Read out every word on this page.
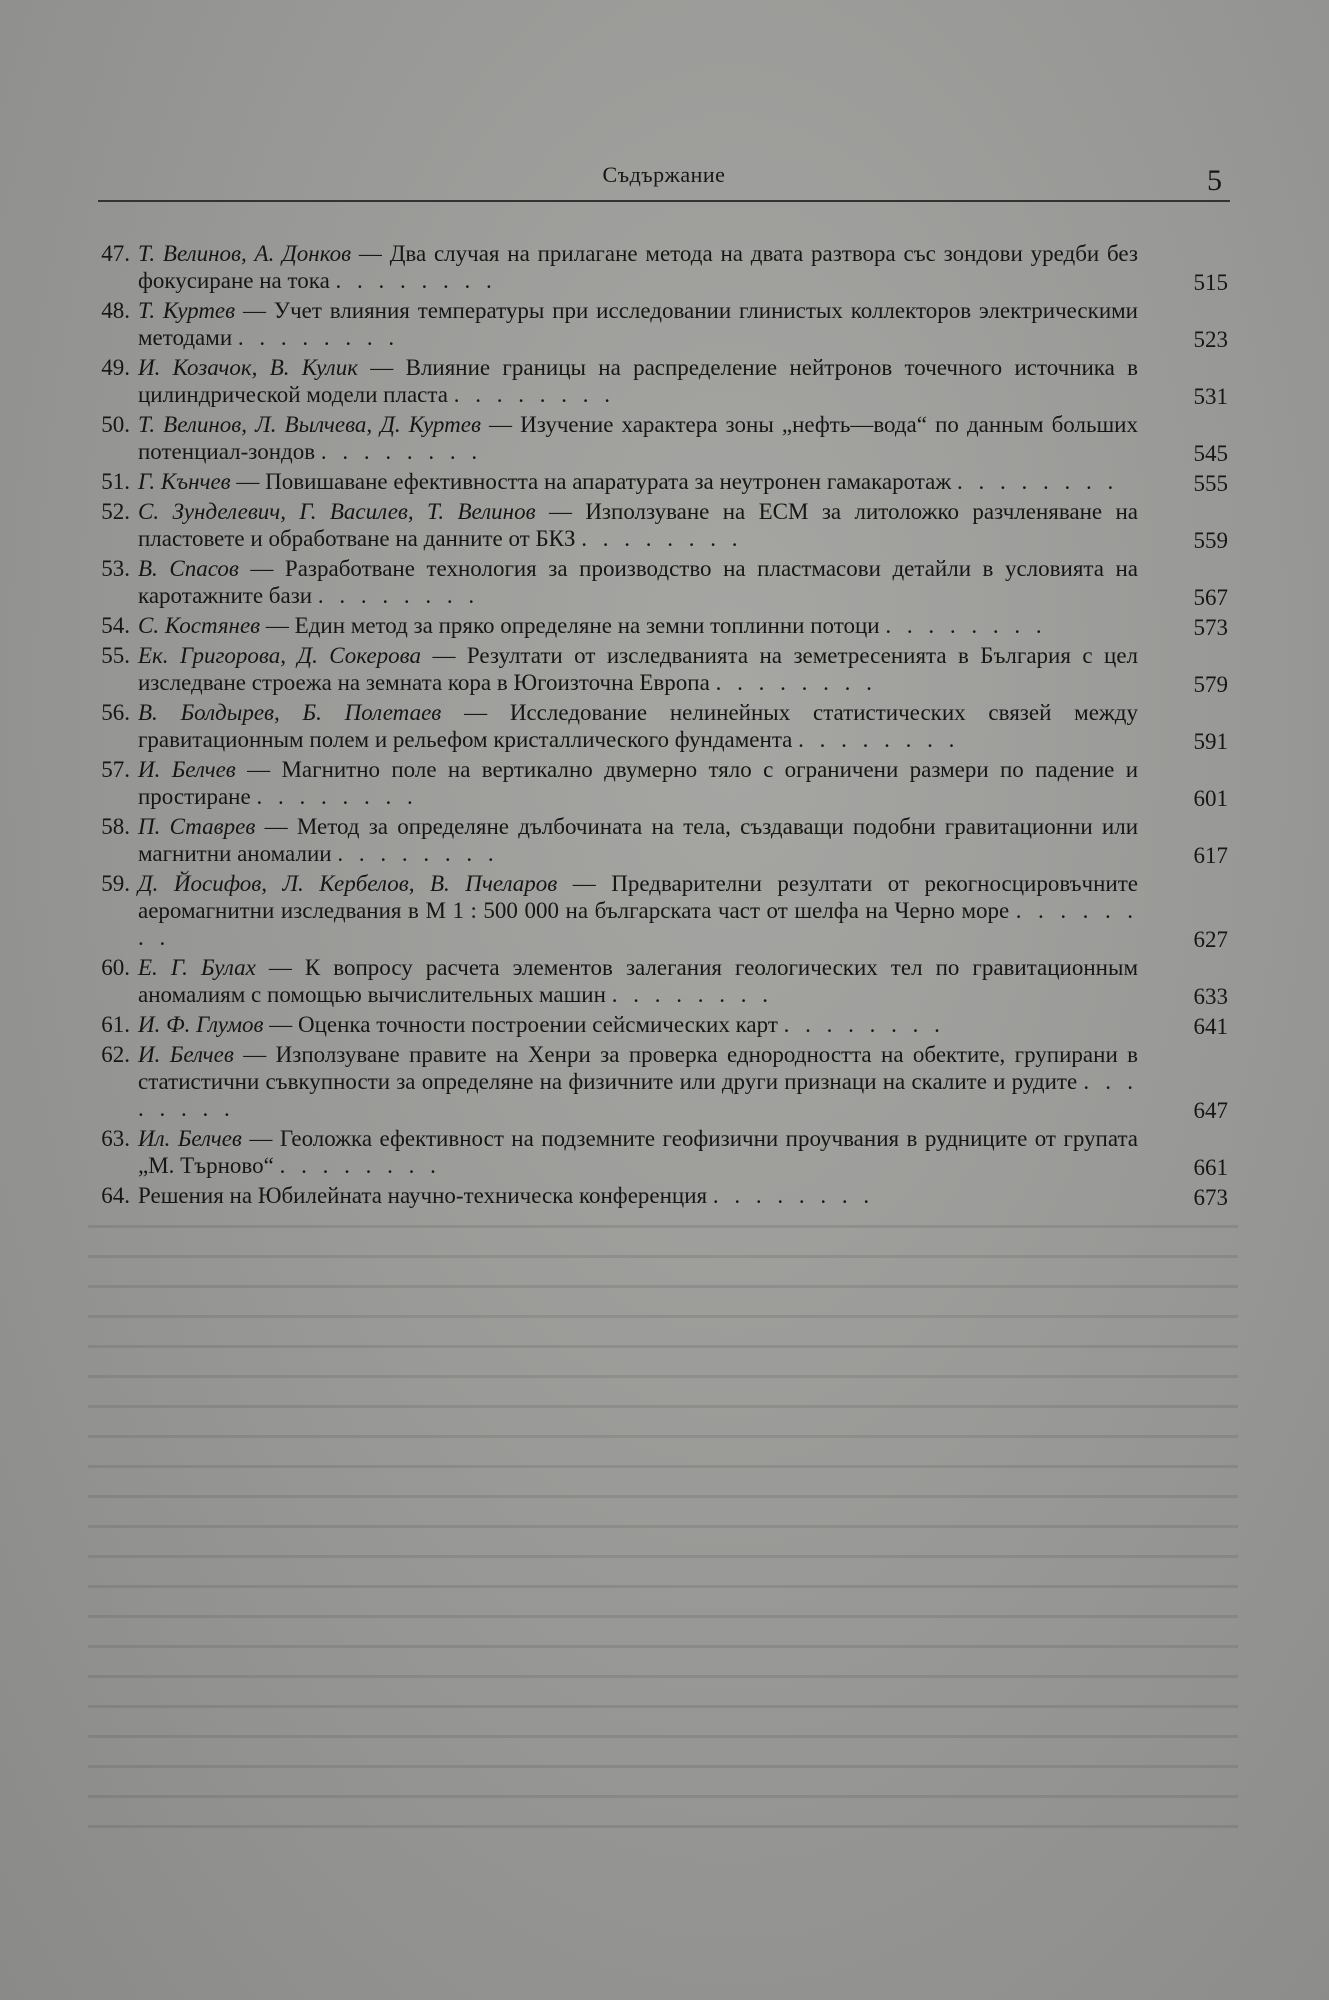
Съдържание	5
47. Т. Велинов, А. Донков — Два случая на прилагане метода на двата разтвора със зондови уредби без фокусиране на тока . . . . . . . .	515
48. Т. Куртев — Учет влияния температуры при исследовании глинистых коллекторов электрическими методами . . . . . . . .	523
49. И. Козачок, В. Кулик — Влияние границы на распределение нейтронов точечного источника в цилиндрической модели пласта . . . . . . . .	531
50. Т. Велинов, Л. Вылчева, Д. Куртев — Изучение характера зоны „нефть—вода“ по данным больших потенциал-зондов . . . . . . . .	545
51. Г. Кънчев — Повишаване ефективността на апаратурата за неутронен гамакаротаж . . . . . . . .	555
52. С. Зунделевич, Г. Василев, Т. Велинов — Използуване на ЕСМ за литоложко разчленяване на пластовете и обработване на данните от БКЗ . . . . . . . .	559
53. В. Спасов — Разработване технология за производство на пластмасови детайли в условията на каротажните бази . . . . . . . .	567
54. С. Костянев — Един метод за пряко определяне на земни топлинни потоци . . . . . . . .	573
55. Ек. Григорова, Д. Сокерова — Резултати от изследванията на земетресенията в България с цел изследване строежа на земната кора в Югоизточна Европа . . . . . . . .	579
56. В. Болдырев, Б. Полетаев — Исследование нелинейных статистических связей между гравитационным полем и рельефом кристаллического фундамента . . . . . . . .	591
57. И. Белчев — Магнитно поле на вертикално двумерно тяло с ограничени размери по падение и простиране . . . . . . . .	601
58. П. Ставрев — Метод за определяне дълбочината на тела, създаващи подобни гравитационни или магнитни аномалии . . . . . . . .	617
59. Д. Йосифов, Л. Кербелов, В. Пчеларов — Предварителни резултати от рекогносцировъчните аеромагнитни изследвания в М 1 : 500 000 на българската част от шелфа на Черно море . . . . . . . .	627
60. Е. Г. Булах — К вопросу расчета элементов залегания геологических тел по гравитационным аномалиям с помощью вычислительных машин . . . . . . . .	633
61. И. Ф. Глумов — Оценка точности построении сейсмических карт . . . . . . . .	641
62. И. Белчев — Използуване правите на Хенри за проверка еднородността на обектите, групирани в статистични съвкупности за определяне на физичните или други признаци на скалите и рудите . . . . . . . .	647
63. Ил. Белчев — Геоложка ефективност на подземните геофизични проучвания в рудниците от групата „М. Търново“ . . . . . . . .	661
64. Решения на Юбилейната научно-техническа конференция . . . . . . . .	673
